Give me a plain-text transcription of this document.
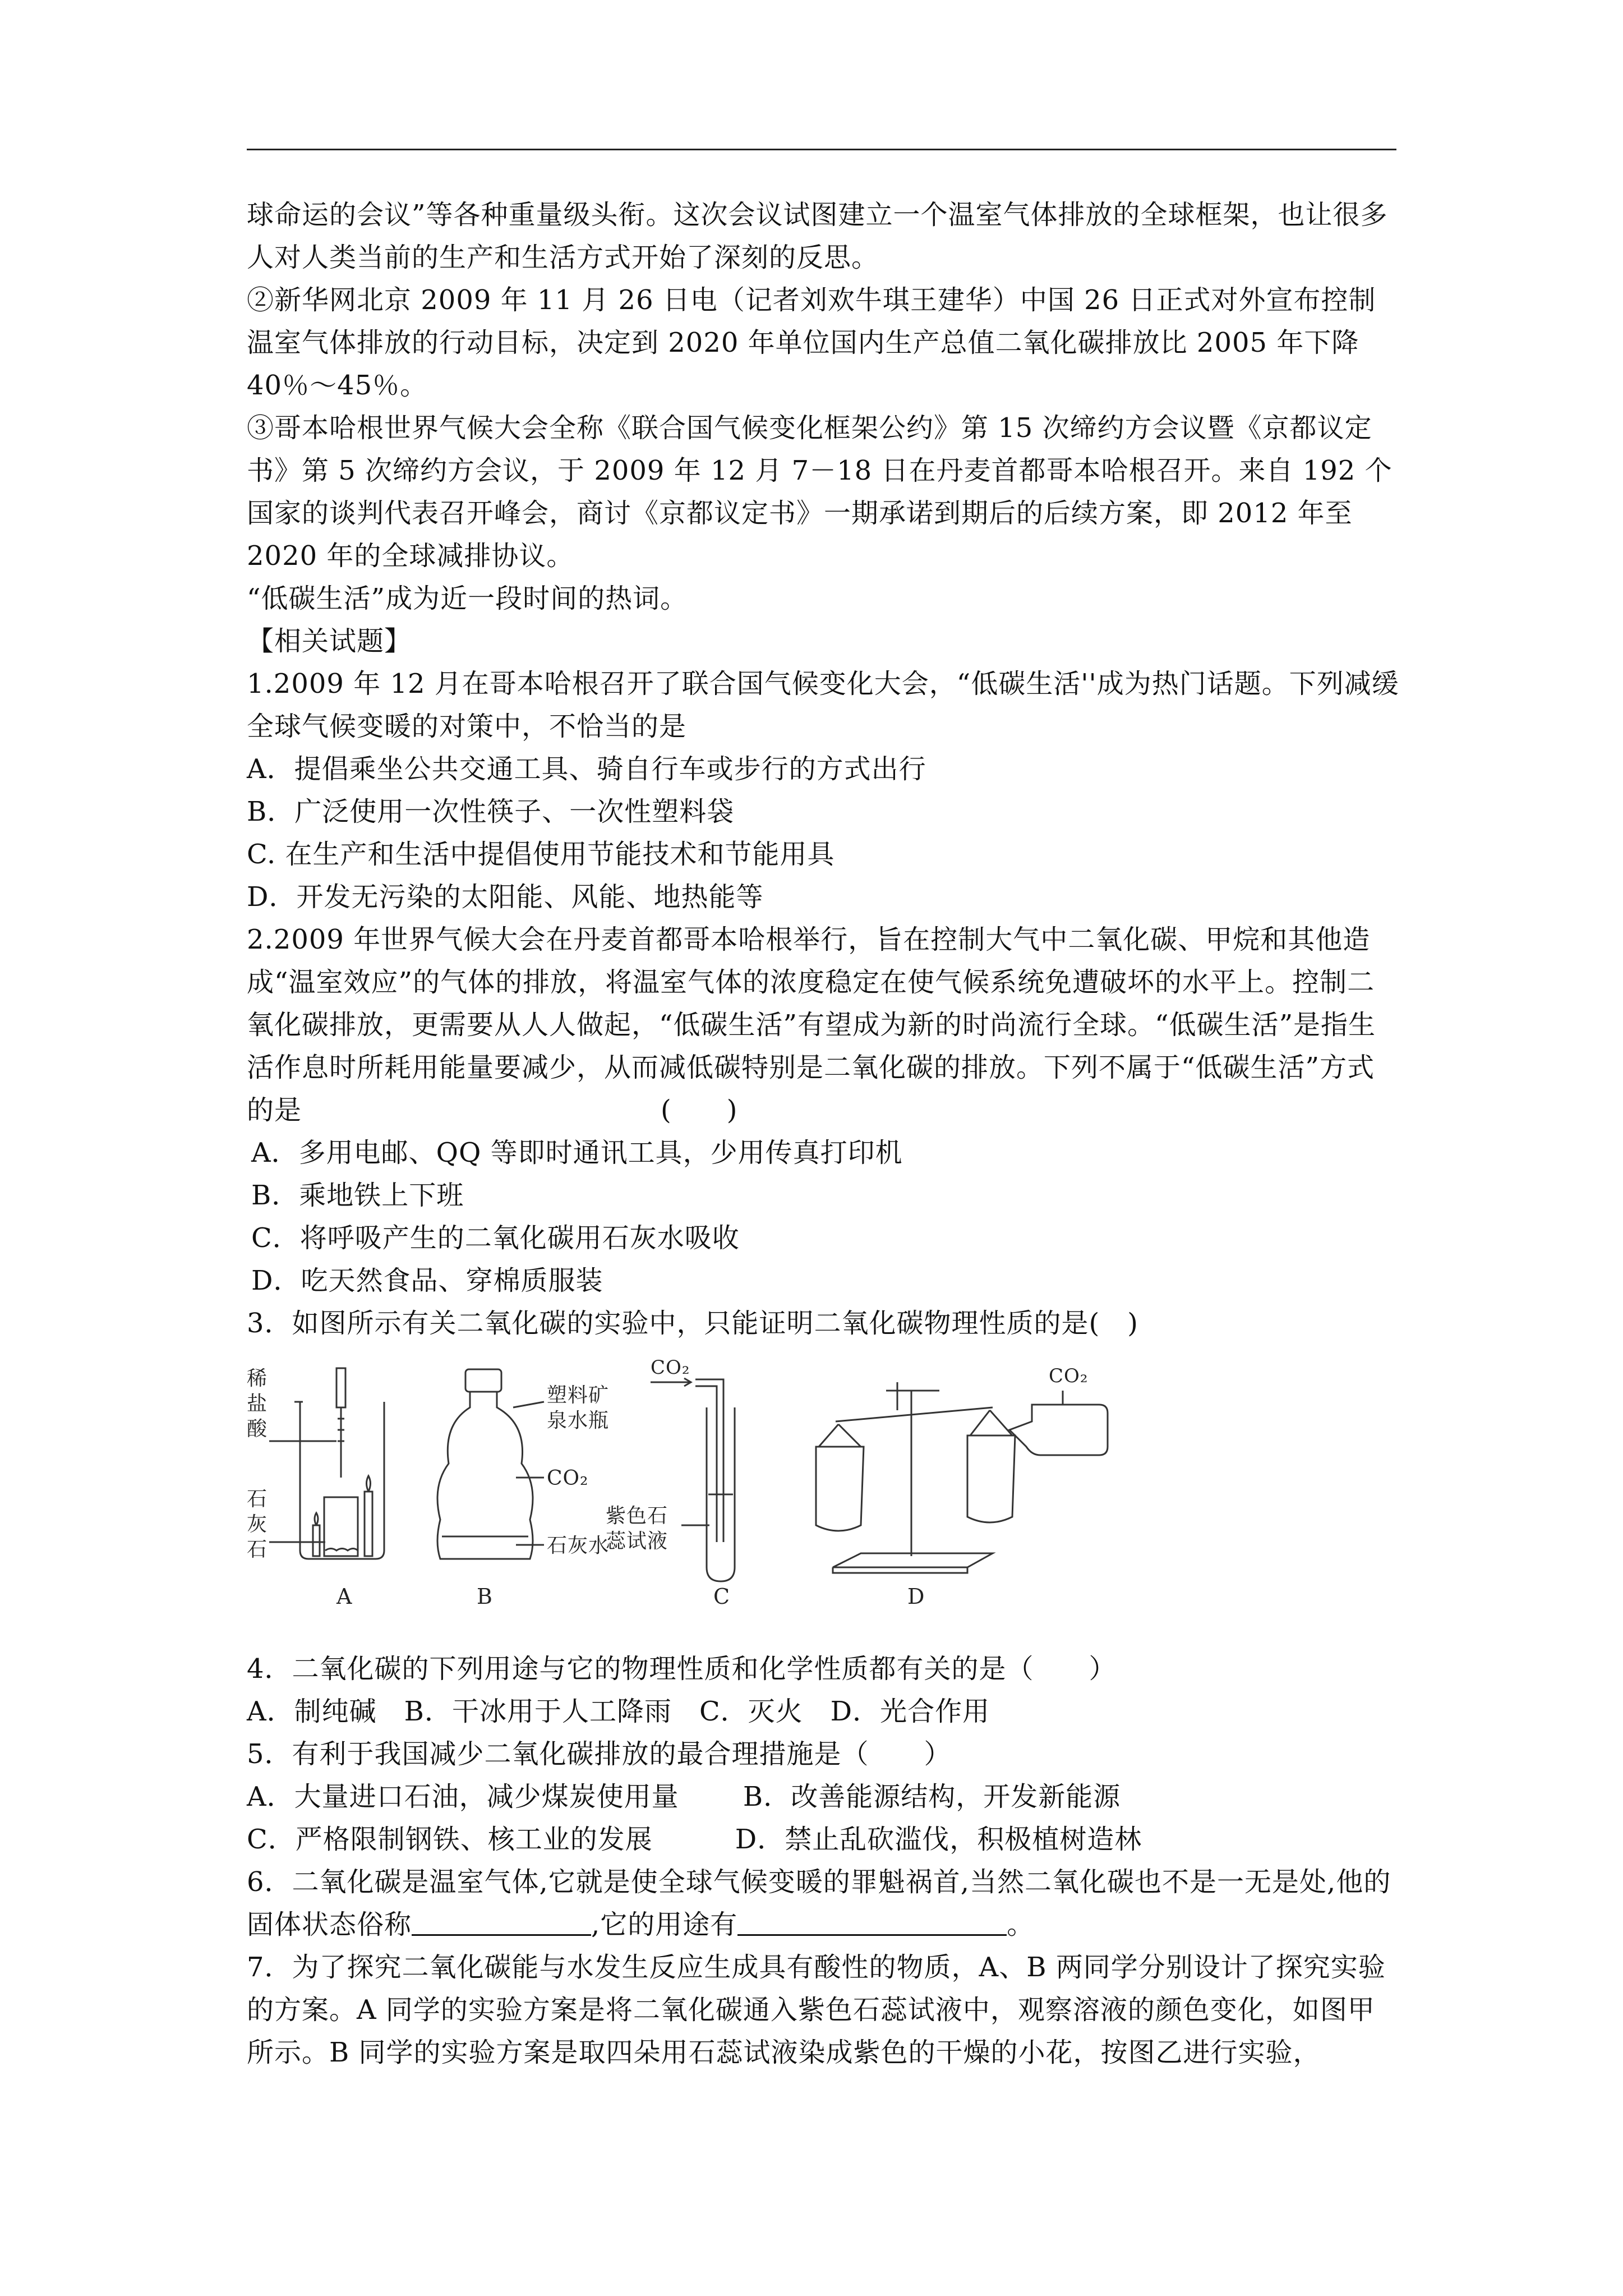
球命运的会议”等各种重量级头衔。这次会议试图建立一个温室气体排放的全球框架，也让很多人对人类当前的生产和生活方式开始了深刻的反思。

②新华网北京 2009 年 11 月 26 日电（记者刘欢牛琪王建华）中国 26 日正式对外宣布控制温室气体排放的行动目标，决定到 2020 年单位国内生产总值二氧化碳排放比 2005 年下降 40％～45％。

③哥本哈根世界气候大会全称《联合国气候变化框架公约》第 15 次缔约方会议暨《京都议定书》第 5 次缔约方会议，于 2009 年 12 月 7－18 日在丹麦首都哥本哈根召开。来自 192 个国家的谈判代表召开峰会，商讨《京都议定书》一期承诺到期后的后续方案，即 2012 年至 2020 年的全球减排协议。

“低碳生活”成为近一段时间的热词。

【相关试题】

1.2009 年 12 月在哥本哈根召开了联合国气候变化大会，“低碳生活''成为热门话题。下列减缓全球气候变暖的对策中，不恰当的是

A．提倡乘坐公共交通工具、骑自行车或步行的方式出行

B．广泛使用一次性筷子、一次性塑料袋

C. 在生产和生活中提倡使用节能技术和节能用具

D．开发无污染的太阳能、风能、地热能等

2.2009 年世界气候大会在丹麦首都哥本哈根举行，旨在控制大气中二氧化碳、甲烷和其他造成“温室效应”的气体的排放，将温室气体的浓度稳定在使气候系统免遭破坏的水平上。控制二氧化碳排放，更需要从人人做起，“低碳生活”有望成为新的时尚流行全球。“低碳生活”是指生活作息时所耗用能量要减少，从而减低碳特别是二氧化碳的排放。下列不属于“低碳生活”方式的是	(　　)

A．多用电邮、QQ 等即时通讯工具，少用传真打印机

B．乘地铁上下班

C．将呼吸产生的二氧化碳用石灰水吸收

D．吃天然食品、穿棉质服装

3．如图所示有关二氧化碳的实验中，只能证明二氧化碳物理性质的是(　)

稀
盐
酸
石
灰
石
A
塑料矿
泉水瓶
CO₂
石灰水
B
CO₂
紫色石
蕊试液
C
CO₂
D

4．二氧化碳的下列用途与它的物理性质和化学性质都有关的是（　　）

A．制纯碱　B．干冰用于人工降雨　C．灭火　D．光合作用

5．有利于我国减少二氧化碳排放的最合理措施是（　　）

A．大量进口石油，减少煤炭使用量　　 B．改善能源结构，开发新能源

C．严格限制钢铁、核工业的发展　　　D．禁止乱砍滥伐，积极植树造林

6．二氧化碳是温室气体,它就是使全球气候变暖的罪魁祸首,当然二氧化碳也不是一无是处,他的固体状态俗称	,它的用途有	。

7．为了探究二氧化碳能与水发生反应生成具有酸性的物质，A、B 两同学分别设计了探究实验的方案。A 同学的实验方案是将二氧化碳通入紫色石蕊试液中，观察溶液的颜色变化，如图甲所示。B 同学的实验方案是取四朵用石蕊试液染成紫色的干燥的小花，按图乙进行实验，
